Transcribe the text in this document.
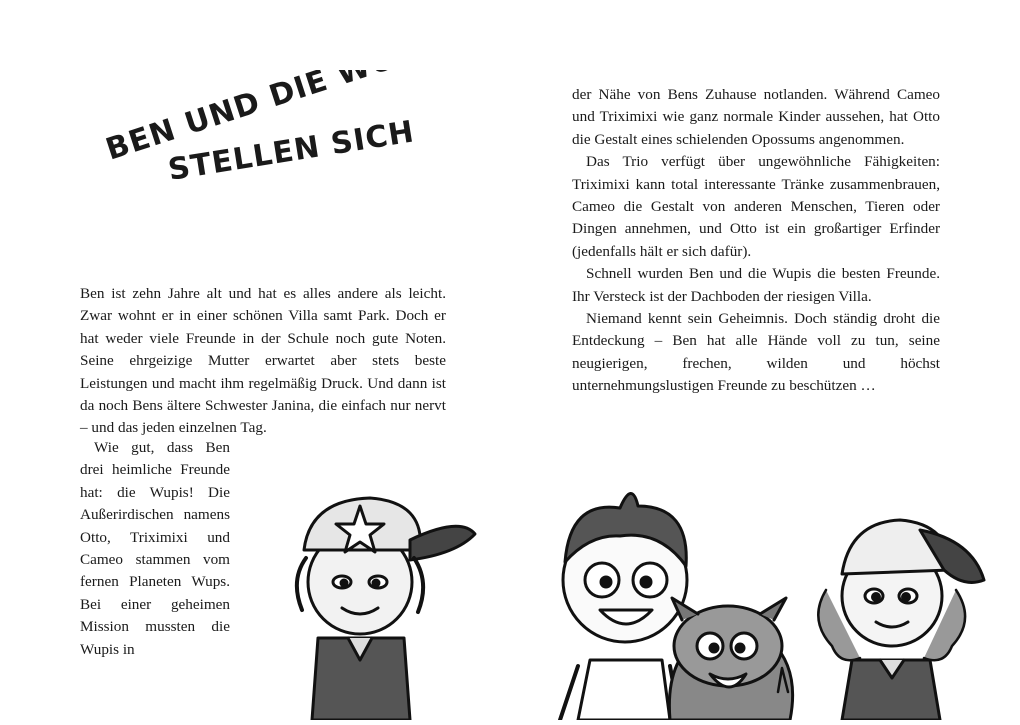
BEN UND DIE WUPIS
STELLEN SICH

Ben ist zehn Jahre alt und hat es alles andere als leicht. Zwar wohnt er in einer schönen Villa samt Park. Doch er hat weder viele Freunde in der Schule noch gute Noten. Seine ehrgeizige Mutter erwartet aber stets beste Leistungen und macht ihm regelmäßig Druck. Und dann ist da noch Bens ältere Schwester Janina, die einfach nur nervt – und das jeden einzelnen Tag.

Wie gut, dass Ben drei heimliche Freunde hat: die Wupis! Die Außerirdischen namens Otto, Triximixi und Cameo stammen vom fernen Planeten Wups. Bei einer geheimen Mission mussten die Wupis in

der Nähe von Bens Zuhause notlanden. Während Cameo und Triximixi wie ganz normale Kinder aussehen, hat Otto die Gestalt eines schielenden Opossums angenommen.

Das Trio verfügt über ungewöhnliche Fähigkeiten: Triximixi kann total interessante Tränke zusammenbrauen, Cameo die Gestalt von anderen Menschen, Tieren oder Dingen annehmen, und Otto ist ein großartiger Erfinder (jedenfalls hält er sich dafür).

Schnell wurden Ben und die Wupis die besten Freunde. Ihr Versteck ist der Dachboden der riesigen Villa.

Niemand kennt sein Geheimnis. Doch ständig droht die Entdeckung – Ben hat alle Hände voll zu tun, seine neugierigen, frechen, wilden und höchst unternehmungslustigen Freunde zu beschützen …
